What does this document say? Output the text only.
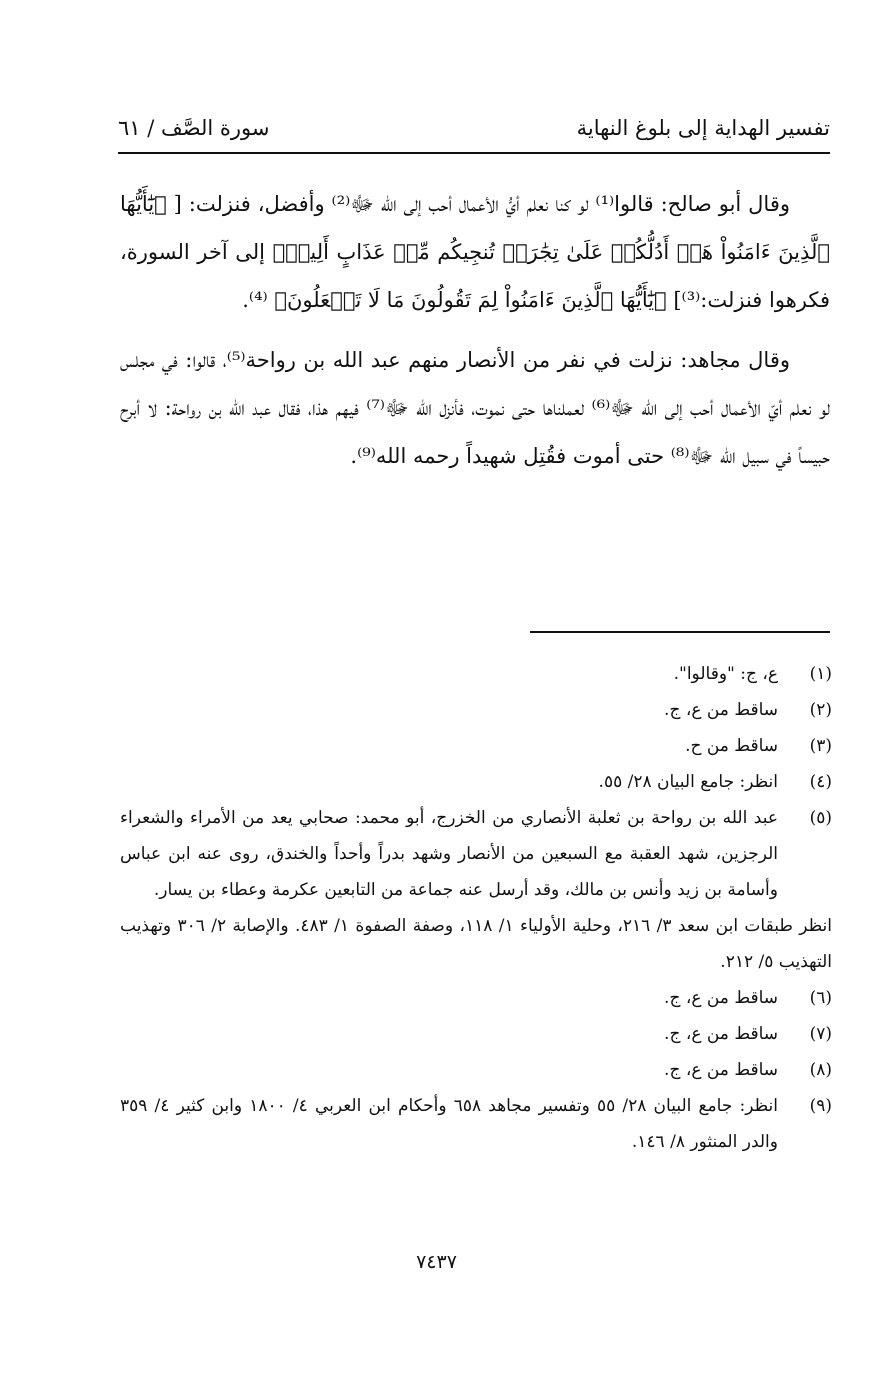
تفسير الهداية إلى بلوغ النهاية
سورة الصَّف / ٦١

وقال أبو صالح: قالوا⁽¹⁾ لو كنا نعلم أيُّ الأعمال أحب إلى الله ﷻ⁽²⁾ وأفضل، فنزلت: [ ﴿يَٰٓأَيُّهَا ٱلَّذِينَ ءَامَنُواْ هَلۡ أَدُلُّكُمۡ عَلَىٰ تِجَٰرَةٖ تُنجِيكُم مِّنۡ عَذَابٍ أَلِيمٖ﴾ إلى آخر السورة، فكرهوا فنزلت:⁽³⁾] ﴿يَٰٓأَيُّهَا ٱلَّذِينَ ءَامَنُواْ لِمَ تَقُولُونَ مَا لَا تَفۡعَلُونَ﴾ ⁽⁴⁾.

وقال مجاهد: نزلت في نفر من الأنصار منهم عبد الله بن رواحة⁽⁵⁾، قالوا: في مجلس لو نعلم أيّ الأعمال أحب إلى الله ﷻ⁽⁶⁾ لعملناها حتى نموت، فأنزل الله ﷻ⁽⁷⁾ فيهم هذا، فقال عبد الله بن رواحة: لا أبرح حبيساً في سبيل الله ﷻ⁽⁸⁾ حتى أموت فقُتِل شهيداً رحمه الله⁽⁹⁾.

(١)
ع، ج: "وقالوا".
(٢)
ساقط من ع، ج.
(٣)
ساقط من ح.
(٤)
انظر: جامع البيان ٢٨/ ٥٥.
(٥)
عبد الله بن رواحة بن ثعلبة الأنصاري من الخزرج، أبو محمد: صحابي يعد من الأمراء والشعراء الرجزين، شهد العقبة مع السبعين من الأنصار وشهد بدراً وأحداً والخندق، روى عنه ابن عباس وأسامة بن زيد وأنس بن مالك، وقد أرسل عنه جماعة من التابعين عكرمة وعطاء بن يسار.
انظر طبقات ابن سعد ٣/ ٢١٦، وحلية الأولياء ١/ ١١٨، وصفة الصفوة ١/ ٤٨٣. والإصابة ٢/ ٣٠٦ وتهذيب التهذيب ٥/ ٢١٢.
(٦)
ساقط من ع، ج.
(٧)
ساقط من ع، ج.
(٨)
ساقط من ع، ج.
(٩)
انظر: جامع البيان ٢٨/ ٥٥ وتفسير مجاهد ٦٥٨ وأحكام ابن العربي ٤/ ١٨٠٠ وابن كثير ٤/ ٣٥٩ والدر المنثور ٨/ ١٤٦.
٧٤٣٧
